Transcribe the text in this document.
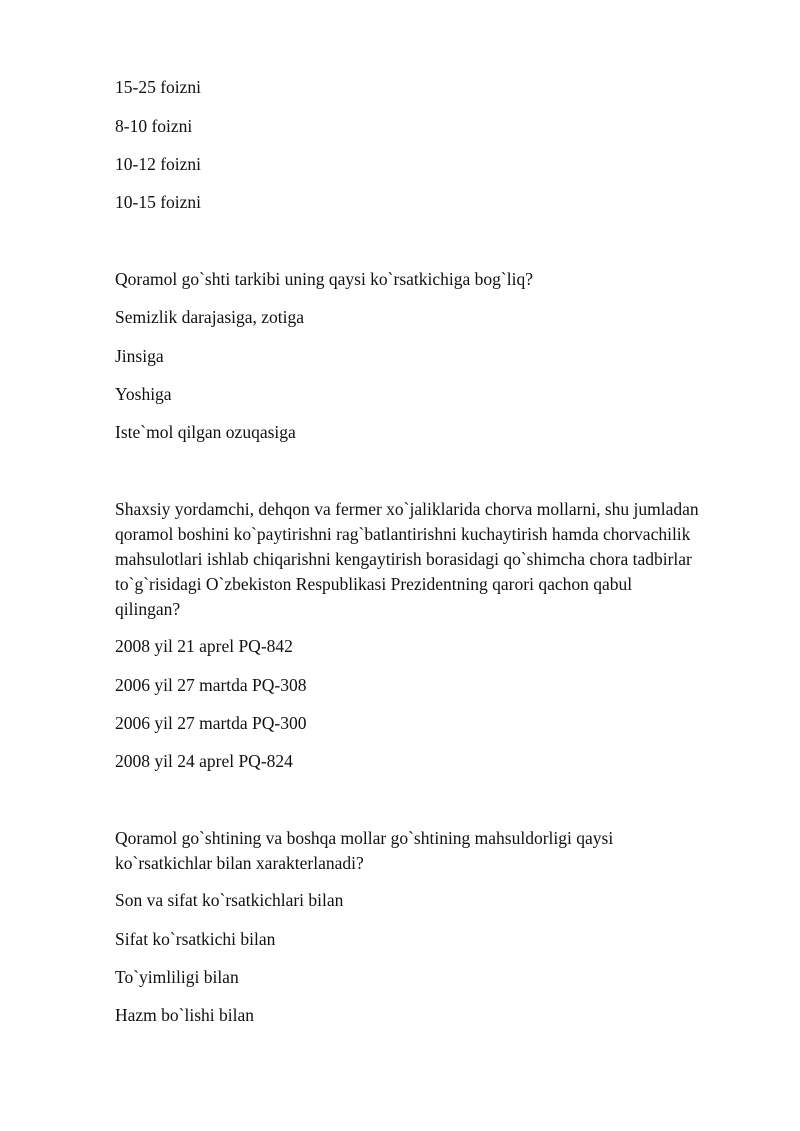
15-25 foizni
8-10 foizni
10-12 foizni
10-15 foizni
Qoramol go`shti tarkibi uning qaysi ko`rsatkichiga bog`liq?
Semizlik darajasiga, zotiga
Jinsiga
Yoshiga
Iste`mol qilgan ozuqasiga
Shaxsiy yordamchi, dehqon va fermer xo`jaliklarida chorva mollarni, shu jumladan
qoramol boshini ko`paytirishni rag`batlantirishni kuchaytirish hamda chorvachilik
mahsulotlari ishlab chiqarishni kengaytirish borasidagi qo`shimcha chora tadbirlar
to`g`risidagi O`zbekiston Respublikasi Prezidentning qarori qachon qabul
qilingan?
2008 yil 21 aprel PQ-842
2006 yil 27 martda PQ-308
2006 yil 27 martda PQ-300
2008 yil 24 aprel PQ-824
Qoramol go`shtining va boshqa mollar go`shtining mahsuldorligi qaysi
ko`rsatkichlar bilan xarakterlanadi?
Son va sifat ko`rsatkichlari bilan
Sifat ko`rsatkichi bilan
To`yimliligi bilan
Hazm bo`lishi bilan
